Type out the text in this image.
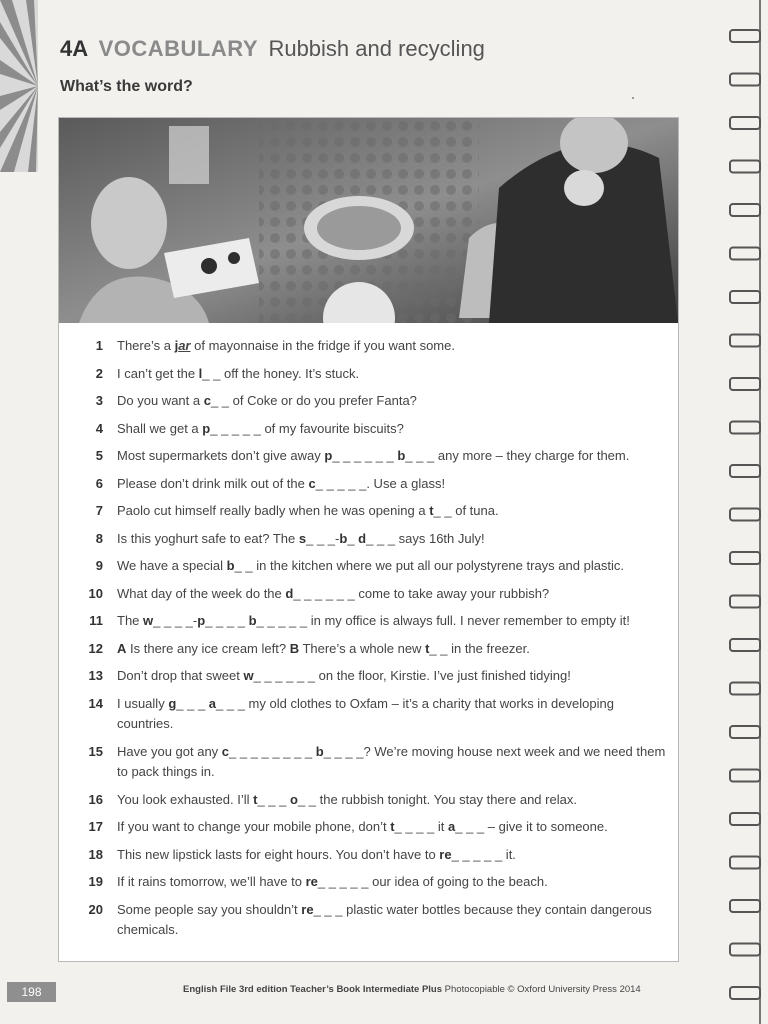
4A VOCABULARY Rubbish and recycling
What’s the word?
1 There’s a jar of mayonnaise in the fridge if you want some.
2 I can’t get the l_ _ off the honey. It’s stuck.
3 Do you want a c_ _ of Coke or do you prefer Fanta?
4 Shall we get a p_ _ _ _ _ of my favourite biscuits?
5 Most supermarkets don’t give away p_ _ _ _ _ _ b_ _ _ any more – they charge for them.
6 Please don’t drink milk out of the c_ _ _ _ _. Use a glass!
7 Paolo cut himself really badly when he was opening a t_ _ of tuna.
8 Is this yoghurt safe to eat? The s_ _ _-b_ d_ _ _ says 16th July!
9 We have a special b_ _ in the kitchen where we put all our polystyrene trays and plastic.
10 What day of the week do the d_ _ _ _ _ _ come to take away your rubbish?
11 The w_ _ _ _-p_ _ _ _ b_ _ _ _ _ in my office is always full. I never remember to empty it!
12 A Is there any ice cream left? B There’s a whole new t_ _ in the freezer.
13 Don’t drop that sweet w_ _ _ _ _ _ on the floor, Kirstie. I’ve just finished tidying!
14 I usually g_ _ _ a_ _ _ my old clothes to Oxfam – it’s a charity that works in developing countries.
15 Have you got any c_ _ _ _ _ _ _ _ b_ _ _ _? We’re moving house next week and we need them to pack things in.
16 You look exhausted. I’ll t_ _ _ o_ _ the rubbish tonight. You stay there and relax.
17 If you want to change your mobile phone, don’t t_ _ _ _ it a_ _ _ – give it to someone.
18 This new lipstick lasts for eight hours. You don’t have to re_ _ _ _ _ it.
19 If it rains tomorrow, we’ll have to re_ _ _ _ _ our idea of going to the beach.
20 Some people say you shouldn’t re_ _ _ plastic water bottles because they contain dangerous chemicals.
198	English File 3rd edition Teacher’s Book Intermediate Plus Photocopiable © Oxford University Press 2014
